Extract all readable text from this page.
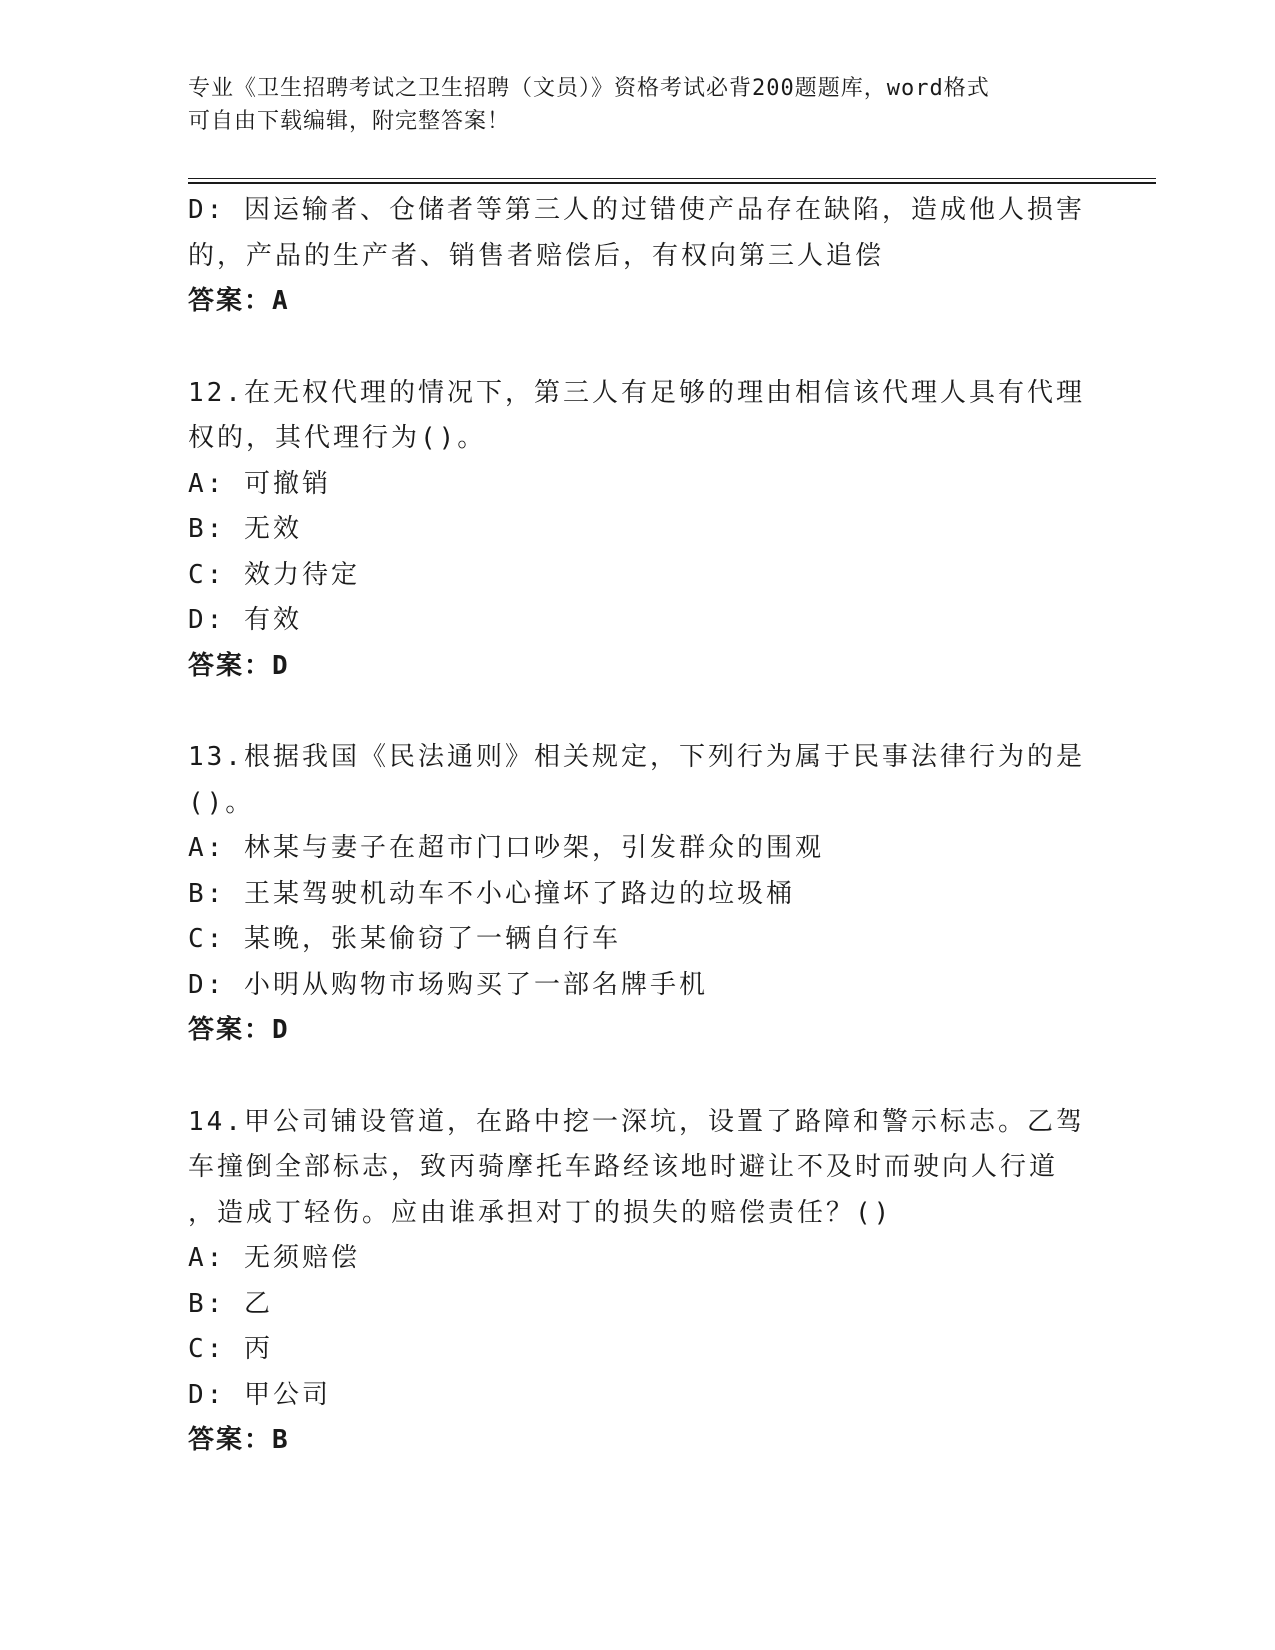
专业《卫生招聘考试之卫生招聘（文员）》资格考试必背200题题库，word格式
可自由下载编辑，附完整答案！
D: 因运输者、仓储者等第三人的过错使产品存在缺陷，造成他人损害
的，产品的生产者、销售者赔偿后，有权向第三人追偿
答案：A
12.在无权代理的情况下，第三人有足够的理由相信该代理人具有代理
权的，其代理行为()。
A: 可撤销
B: 无效
C: 效力待定
D: 有效
答案：D
13.根据我国《民法通则》相关规定，下列行为属于民事法律行为的是
()。
A: 林某与妻子在超市门口吵架，引发群众的围观
B: 王某驾驶机动车不小心撞坏了路边的垃圾桶
C: 某晚，张某偷窃了一辆自行车
D: 小明从购物市场购买了一部名牌手机
答案：D
14.甲公司铺设管道，在路中挖一深坑，设置了路障和警示标志。乙驾
车撞倒全部标志，致丙骑摩托车路经该地时避让不及时而驶向人行道
，造成丁轻伤。应由谁承担对丁的损失的赔偿责任？()
A: 无须赔偿
B: 乙
C: 丙
D: 甲公司
答案：B
